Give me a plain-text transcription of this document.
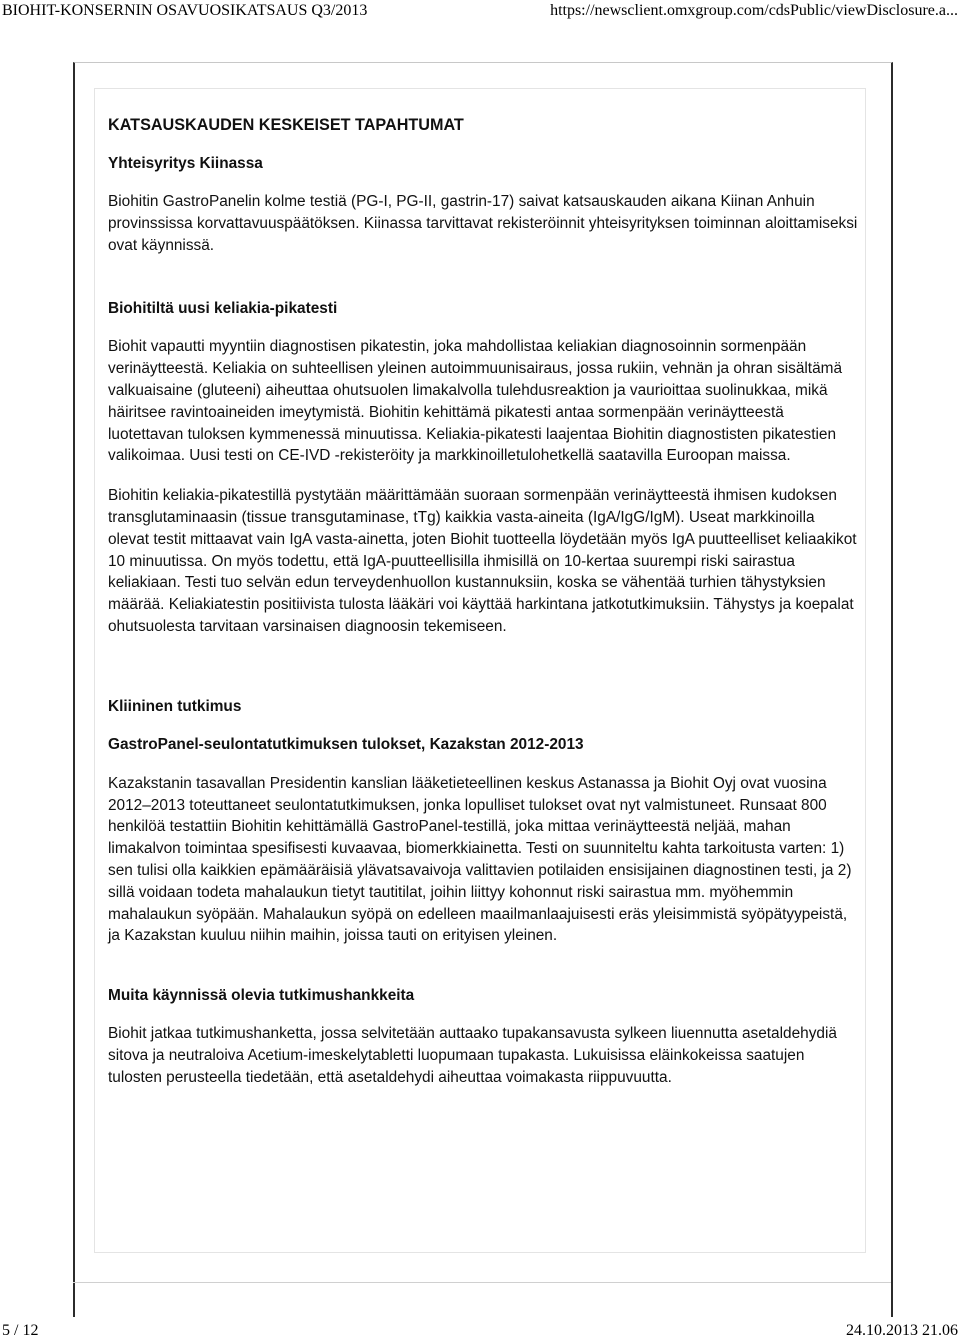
BIOHIT-KONSERNIN OSAVUOSIKATSAUS Q3/2013	https://newsclient.omxgroup.com/cdsPublic/viewDisclosure.a...
KATSAUSKAUDEN KESKEISET TAPAHTUMAT
Yhteisyritys Kiinassa

Biohitin GastroPanelin kolme testiä (PG-I, PG-II, gastrin-17) saivat katsauskauden aikana Kiinan Anhuin provinssissa korvattavuuspäätöksen. Kiinassa tarvittavat rekisteröinnit yhteisyrityksen toiminnan aloittamiseksi ovat käynnissä.

Biohitiltä uusi keliakia-pikatesti

Biohit vapautti myyntiin diagnostisen pikatestin, joka mahdollistaa keliakian diagnosoinnin sormenpään verinäytteestä. Keliakia on suhteellisen yleinen autoimmuunisairaus, jossa rukiin, vehnän ja ohran sisältämä valkuaisaine (gluteeni) aiheuttaa ohutsuolen limakalvolla tulehdusreaktion ja vaurioittaa suolinukkaa, mikä häiritsee ravintoaineiden imeytymistä. Biohitin kehittämä pikatesti antaa sormenpään verinäytteestä luotettavan tuloksen kymmenessä minuutissa. Keliakia-pikatesti laajentaa Biohitin diagnostisten pikatestien valikoimaa. Uusi testi on CE-IVD -rekisteröity ja markkinoilletulohetkellä saatavilla Euroopan maissa.

Biohitin keliakia-pikatestillä pystytään määrittämään suoraan sormenpään verinäytteestä ihmisen kudoksen transglutaminaasin (tissue transgutaminase, tTg) kaikkia vasta-aineita (IgA/IgG/IgM). Useat markkinoilla olevat testit mittaavat vain IgA vasta-ainetta, joten Biohit tuotteella löydetään myös IgA puutteelliset keliaakikot 10 minuutissa. On myös todettu, että IgA-puutteellisilla ihmisillä on 10-kertaa suurempi riski sairastua keliakiaan. Testi tuo selvän edun terveydenhuollon kustannuksiin, koska se vähentää turhien tähystyksien määrää. Keliakiatestin positiivista tulosta lääkäri voi käyttää harkintana jatkotutkimuksiin. Tähystys ja koepalat ohutsuolesta tarvitaan varsinaisen diagnoosin tekemiseen.

Kliininen tutkimus
GastroPanel-seulontatutkimuksen tulokset, Kazakstan 2012-2013

Kazakstanin tasavallan Presidentin kanslian lääketieteellinen keskus Astanassa ja Biohit Oyj ovat vuosina 2012–2013 toteuttaneet seulontatutkimuksen, jonka lopulliset tulokset ovat nyt valmistuneet. Runsaat 800 henkilöä testattiin Biohitin kehittämällä GastroPanel-testillä, joka mittaa verinäytteestä neljää, mahan limakalvon toimintaa spesifisesti kuvaavaa, biomerkkiainetta. Testi on suunniteltu kahta tarkoitusta varten: 1) sen tulisi olla kaikkien epämääräisiä ylävatsavaivoja valittavien potilaiden ensisijainen diagnostinen testi, ja 2) sillä voidaan todeta mahalaukun tietyt tautitilat, joihin liittyy kohonnut riski sairastua mm. myöhemmin mahalaukun syöpään. Mahalaukun syöpä on edelleen maailmanlaajuisesti eräs yleisimmistä syöpätyypeistä, ja Kazakstan kuuluu niihin maihin, joissa tauti on erityisen yleinen.

Muita käynnissä olevia tutkimushankkeita

Biohit jatkaa tutkimushanketta, jossa selvitetään auttaako tupakansavusta sylkeen liuennutta asetaldehydiä sitova ja neutraloiva Acetium-imeskelytabletti luopumaan tupakasta. Lukuisissa eläinkokeissa saatujen tulosten perusteella tiedetään, että asetaldehydi aiheuttaa voimakasta riippuvuutta.

5 / 12	24.10.2013 21.06
